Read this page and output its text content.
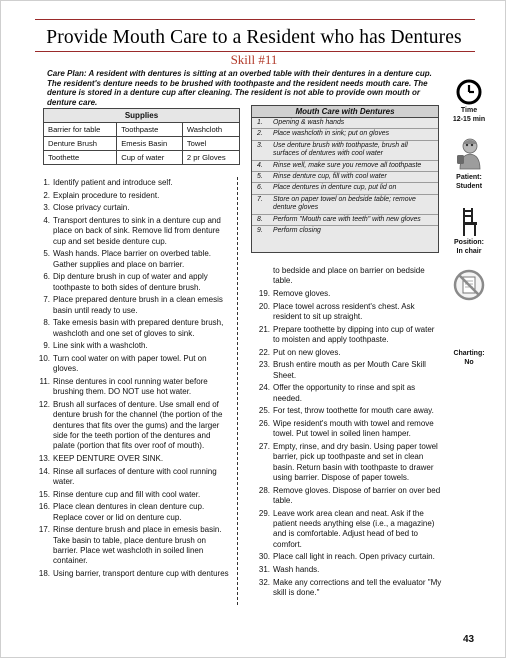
Provide Mouth Care to a Resident who has Dentures
Skill #11
Care Plan: A resident with dentures is sitting at an overbed table with their dentures in a denture cup. The resident's denture needs to be brushed with toothpaste and the resident needs mouth care. The denture is stored in a denture cup after cleaning. The resident is not able to provide own mouth or denture care.
Supplies		
Barrier for table	Toothpaste	Washcloth
Denture Brush	Emesis Basin	Towel
Toothette	Cup of water	2 pr Gloves
Mouth Care with Dentures
1. Opening & wash hands
2. Place washcloth in sink; put on gloves
3. Use denture brush with toothpaste, brush all surfaces of dentures with cool water
4. Rinse well, make sure you remove all toothpaste
5. Rinse denture cup, fill with cool water
6. Place dentures in denture cup, put lid on
7. Store on paper towel on bedside table; remove denture gloves
8. Perform "Mouth care with teeth" with new gloves
9. Perform closing
Time
12-15 min
Patient:
Student
Position:
In chair
Charting:
No
1. Identify patient and introduce self.
2. Explain procedure to resident.
3. Close privacy curtain.
4. Transport dentures to sink in a denture cup and place on back of sink. Remove lid from denture cup and set beside denture cup.
5. Wash hands. Place barrier on overbed table. Gather supplies and place on barrier.
6. Dip denture brush in cup of water and apply toothpaste to both sides of denture brush.
7. Place prepared denture brush in a clean emesis basin until ready to use.
8. Take emesis basin with prepared denture brush, washcloth and one set of gloves to sink.
9. Line sink with a washcloth.
10. Turn cool water on with paper towel. Put on gloves.
11. Rinse dentures in cool running water before brushing them. DO NOT use hot water.
12. Brush all surfaces of denture. Use small end of denture brush for the channel (the portion of the dentures that fits over the gums) and the larger side for the teeth portion of the dentures and palate (portion that fits over roof of mouth).
13. KEEP DENTURE OVER SINK.
14. Rinse all surfaces of denture with cool running water.
15. Rinse denture cup and fill with cool water.
16. Place clean dentures in clean denture cup. Replace cover or lid on denture cup.
17. Rinse denture brush and place in emesis basin. Take basin to table, place denture brush on barrier. Place wet washcloth in soiled linen container.
18. Using barrier, transport denture cup with dentures
to bedside and place on barrier on bedside table.
19. Remove gloves.
20. Place towel across resident's chest. Ask resident to sit up straight.
21. Prepare toothette by dipping into cup of water to moisten and apply toothpaste.
22. Put on new gloves.
23. Brush entire mouth as per Mouth Care Skill Sheet.
24. Offer the opportunity to rinse and spit as needed.
25. For test, throw toothette for mouth care away.
26. Wipe resident's mouth with towel and remove towel. Put towel in soiled linen hamper.
27. Empty, rinse, and dry basin. Using paper towel barrier, pick up toothpaste and set in clean basin. Return basin with toothpaste to drawer using barrier. Dispose of paper towels.
28. Remove gloves. Dispose of barrier on over bed table.
29. Leave work area clean and neat. Ask if the patient needs anything else (i.e., a magazine) and is comfortable. Adjust head of bed to comfort.
30. Place call light in reach. Open privacy curtain.
31. Wash hands.
32. Make any corrections and tell the evaluator "My skill is done."
43
